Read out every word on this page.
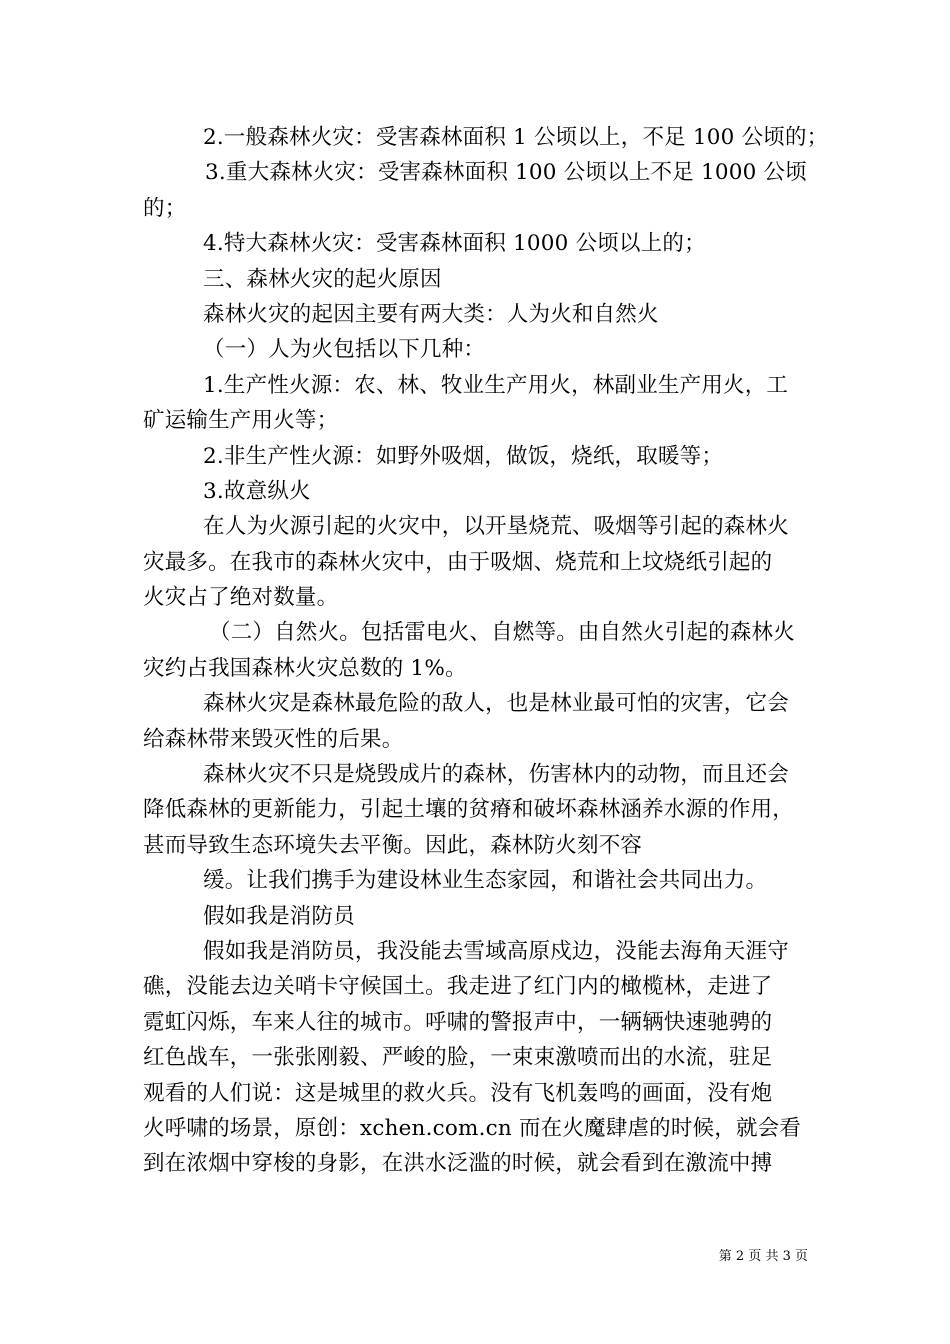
2.一般森林火灾：受害森林面积 1 公顷以上，不足 100 公顷的；
3.重大森林火灾：受害森林面积 100 公顷以上不足 1000 公顷
的；
4.特大森林火灾：受害森林面积 1000 公顷以上的；
三、森林火灾的起火原因
森林火灾的起因主要有两大类：人为火和自然火
（一）人为火包括以下几种：
1.生产性火源：农、林、牧业生产用火，林副业生产用火，工
矿运输生产用火等；
2.非生产性火源：如野外吸烟，做饭，烧纸，取暖等；
3.故意纵火
在人为火源引起的火灾中，以开垦烧荒、吸烟等引起的森林火
灾最多。在我市的森林火灾中，由于吸烟、烧荒和上坟烧纸引起的
火灾占了绝对数量。
（二）自然火。包括雷电火、自燃等。由自然火引起的森林火
灾约占我国森林火灾总数的 1%。
森林火灾是森林最危险的敌人，也是林业最可怕的灾害，它会
给森林带来毁灭性的后果。
森林火灾不只是烧毁成片的森林，伤害林内的动物，而且还会
降低森林的更新能力，引起土壤的贫瘠和破坏森林涵养水源的作用，
甚而导致生态环境失去平衡。因此，森林防火刻不容
缓。让我们携手为建设林业生态家园，和谐社会共同出力。
假如我是消防员
假如我是消防员，我没能去雪域高原戍边，没能去海角天涯守
礁，没能去边关哨卡守候国土。我走进了红门内的橄榄林，走进了
霓虹闪烁，车来人往的城市。呼啸的警报声中，一辆辆快速驰骋的
红色战车，一张张刚毅、严峻的脸，一束束激喷而出的水流，驻足
观看的人们说：这是城里的救火兵。没有飞机轰鸣的画面，没有炮
火呼啸的场景，原创：xchen.com.cn 而在火魔肆虐的时候，就会看
到在浓烟中穿梭的身影，在洪水泛滥的时候，就会看到在激流中搏
第 2 页 共 3 页
